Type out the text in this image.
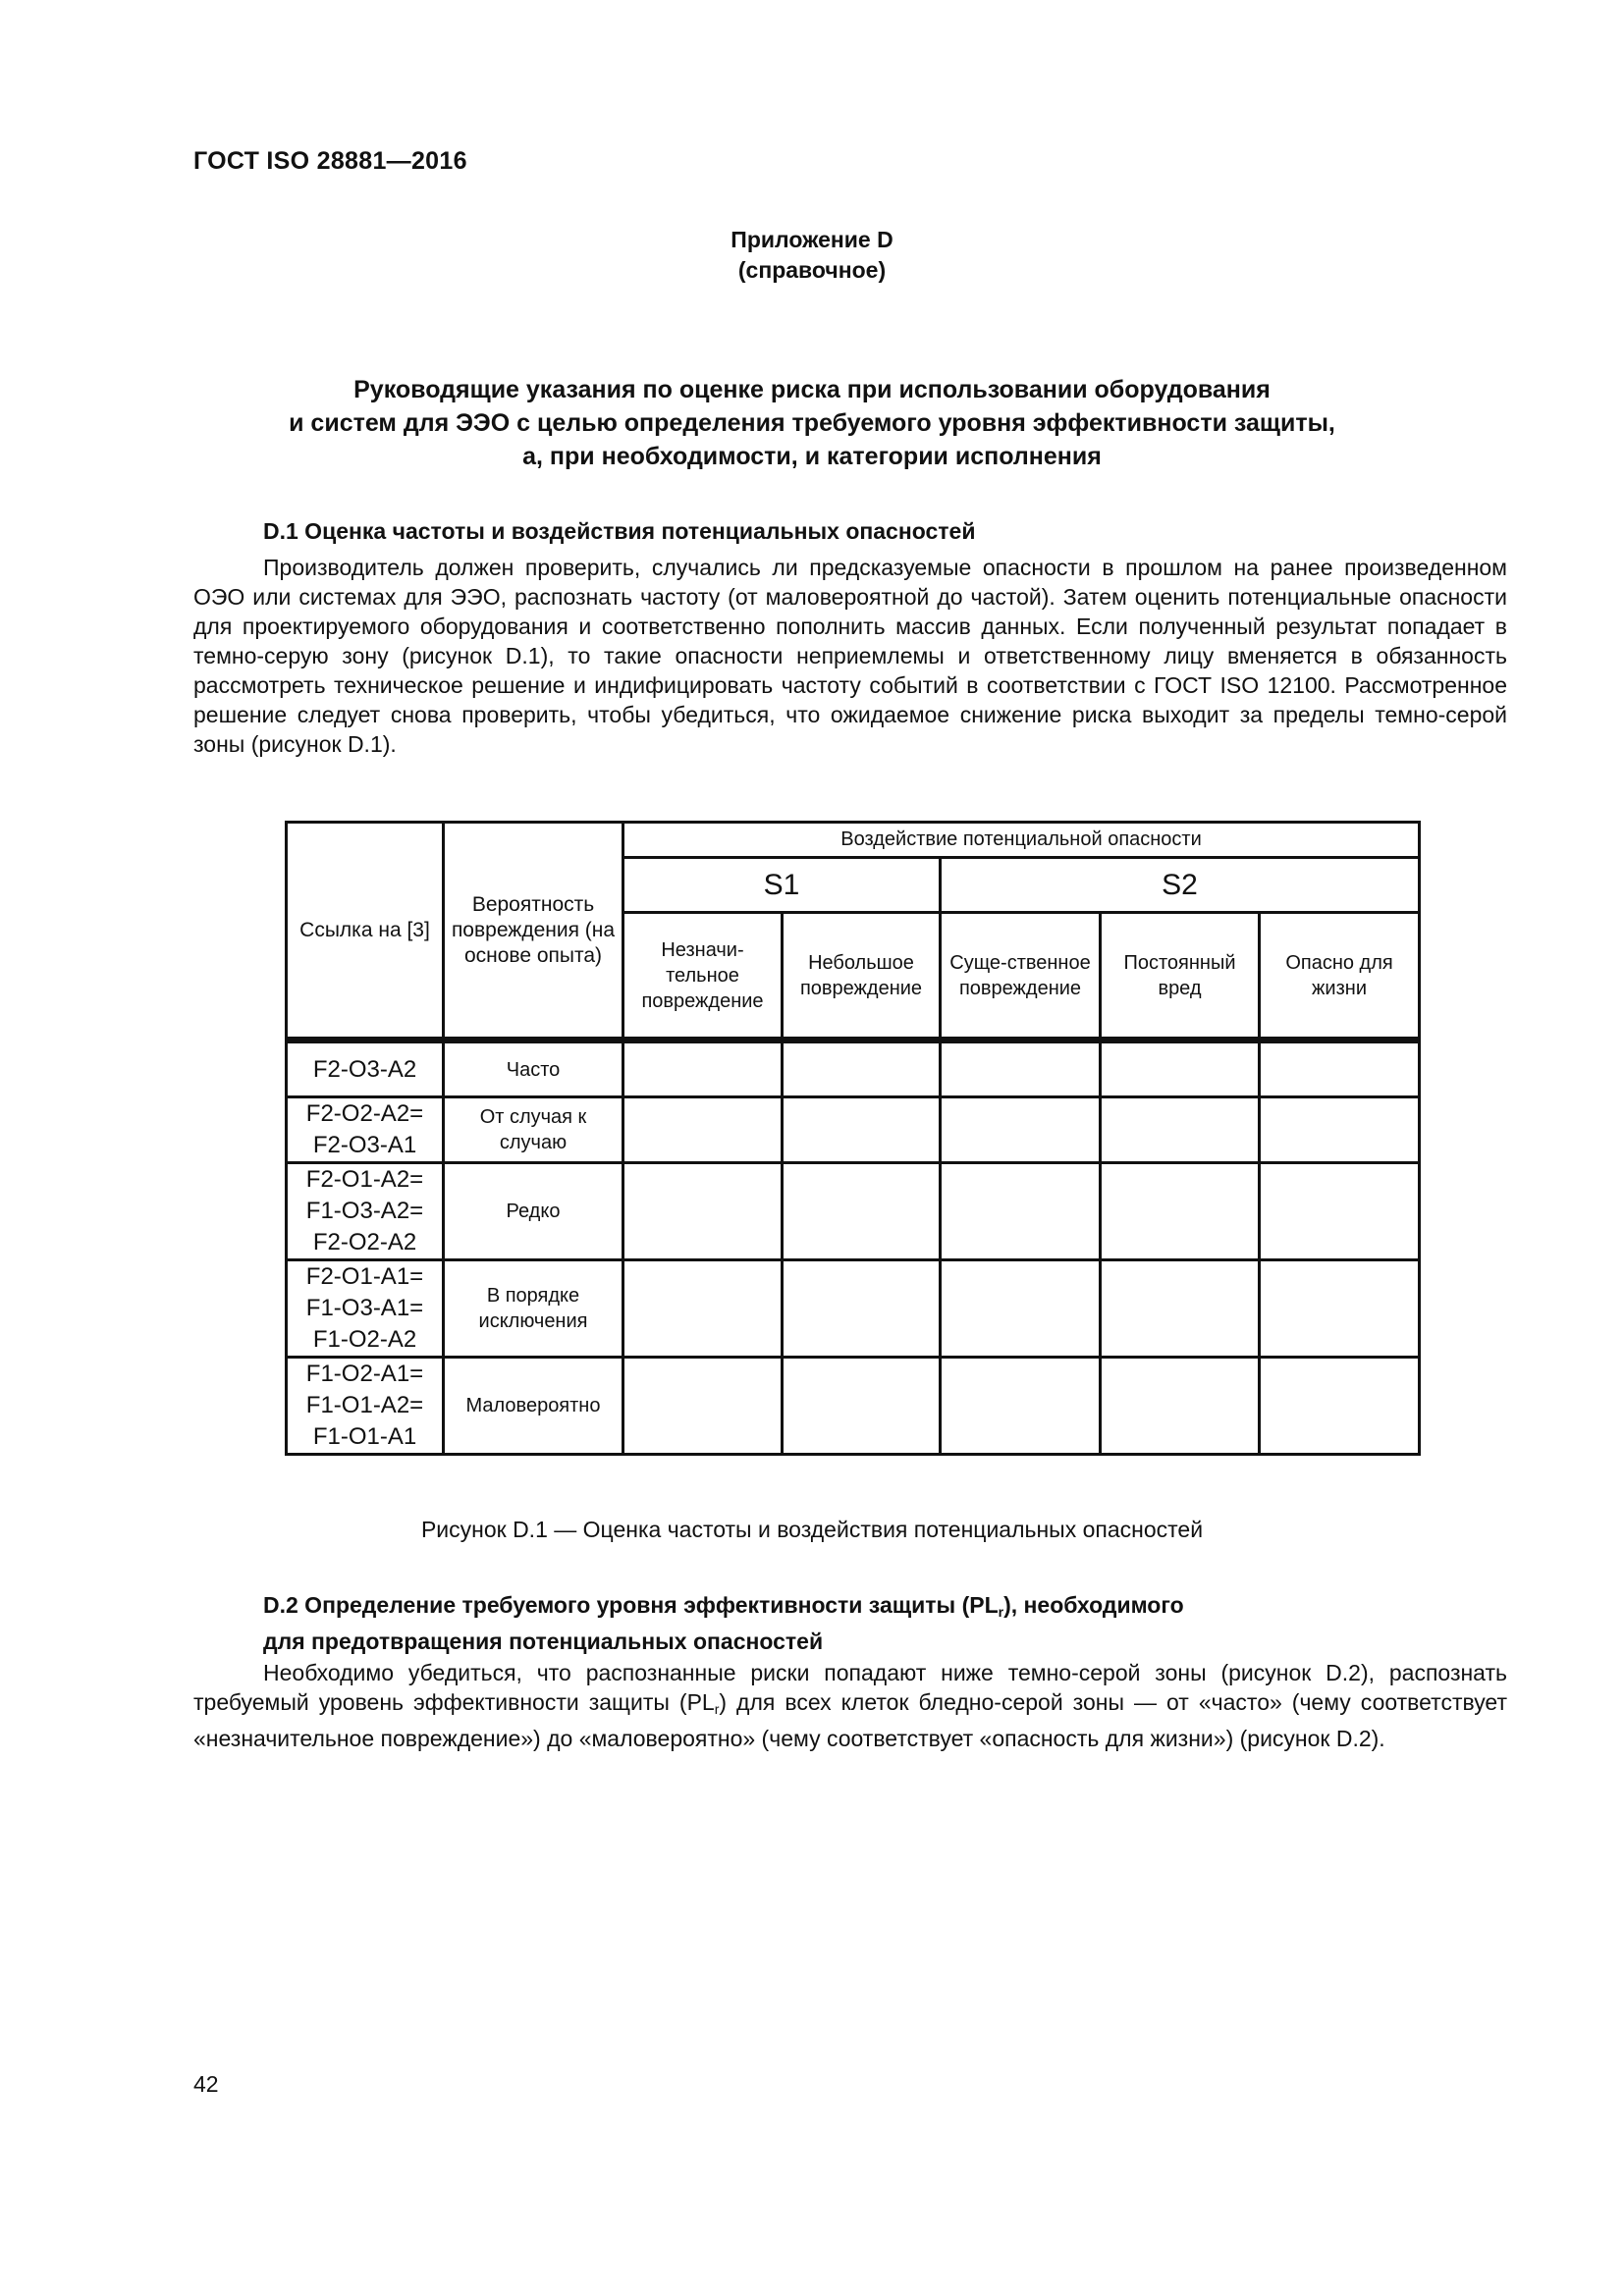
ГОСТ ISO 28881—2016
Приложение D
(справочное)
Руководящие указания по оценке риска при использовании оборудования
и систем для ЭЭО с целью определения требуемого уровня эффективности защиты,
а, при необходимости, и категории исполнения
D.1 Оценка частоты и воздействия потенциальных опасностей

Производитель должен проверить, случались ли предсказуемые опасности в прошлом на ранее произведенном ОЭО или системах для ЭЭО, распознать частоту (от маловероятной до частой). Затем оценить потенциальные опасности для проектируемого оборудования и соответственно пополнить массив данных. Если полученный результат попадает в темно-серую зону (рисунок D.1), то такие опасности неприемлемы и ответственному лицу вменяется в обязанность рассмотреть техническое решение и индифицировать частоту событий в соответствии с ГОСТ ISO 12100. Рассмотренное решение следует снова проверить, чтобы убедиться, что ожидаемое снижение риска выходит за пределы темно-серой зоны (рисунок D.1).

Ссылка на [3]	Вероятность повреждения (на основе опыта)	Воздействие потенциальной опасности				
		S1		S2		
		Незначи-тельное повреждение	Небольшое повреждение	Суще-ственное повреждение	Постоянный вред	Опасно для жизни
F2-O3-A2	Часто					
F2-O2-A2= F2-O3-A1	От случая к случаю					
F2-O1-A2= F1-O3-A2= F2-O2-A2	Редко					
F2-O1-A1= F1-O3-A1= F1-O2-A2	В порядке исключения					
F1-O2-A1= F1-O1-A2= F1-O1-A1	Маловероятно					
Рисунок D.1 — Оценка частоты и воздействия потенциальных опасностей
D.2 Определение требуемого уровня эффективности защиты $(PL_r)$, необходимого
для предотвращения потенциальных опасностей

Необходимо убедиться, что распознанные риски попадают ниже темно-серой зоны (рисунок D.2), распознать требуемый уровень эффективности защиты $(PL_r)$ для всех клеток бледно-серой зоны — от «часто» (чему соответствует «незначительное повреждение») до «маловероятно» (чему соответствует «опасность для жизни») (рисунок D.2).

42
